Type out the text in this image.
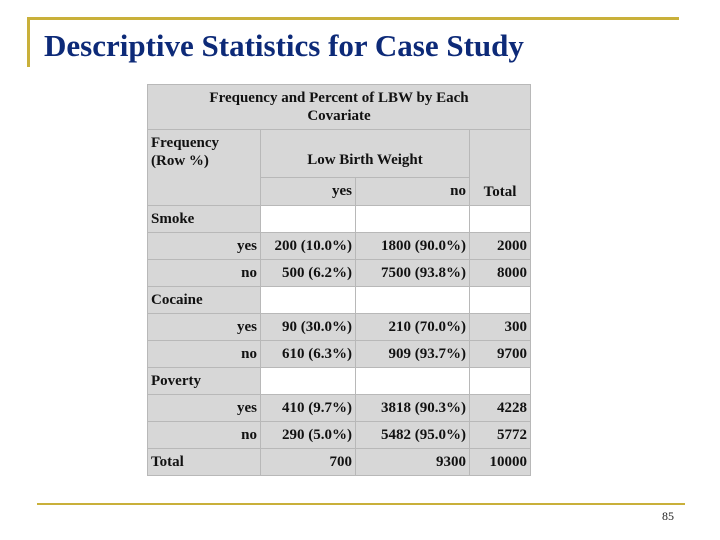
Descriptive Statistics for Case Study
Frequency and Percent of LBW by Each
Covariate			

Frequency
(Row %)	Low Birth Weight		Total
	yes	no	
Smoke			
yes	200 (10.0%)	1800 (90.0%)	2000
no	500 (6.2%)	7500 (93.8%)	8000
Cocaine			
yes	90 (30.0%)	210 (70.0%)	300
no	610 (6.3%)	909 (93.7%)	9700
Poverty			
yes	410 (9.7%)	3818 (90.3%)	4228
no	290 (5.0%)	5482 (95.0%)	5772
Total	700	9300	10000
85
